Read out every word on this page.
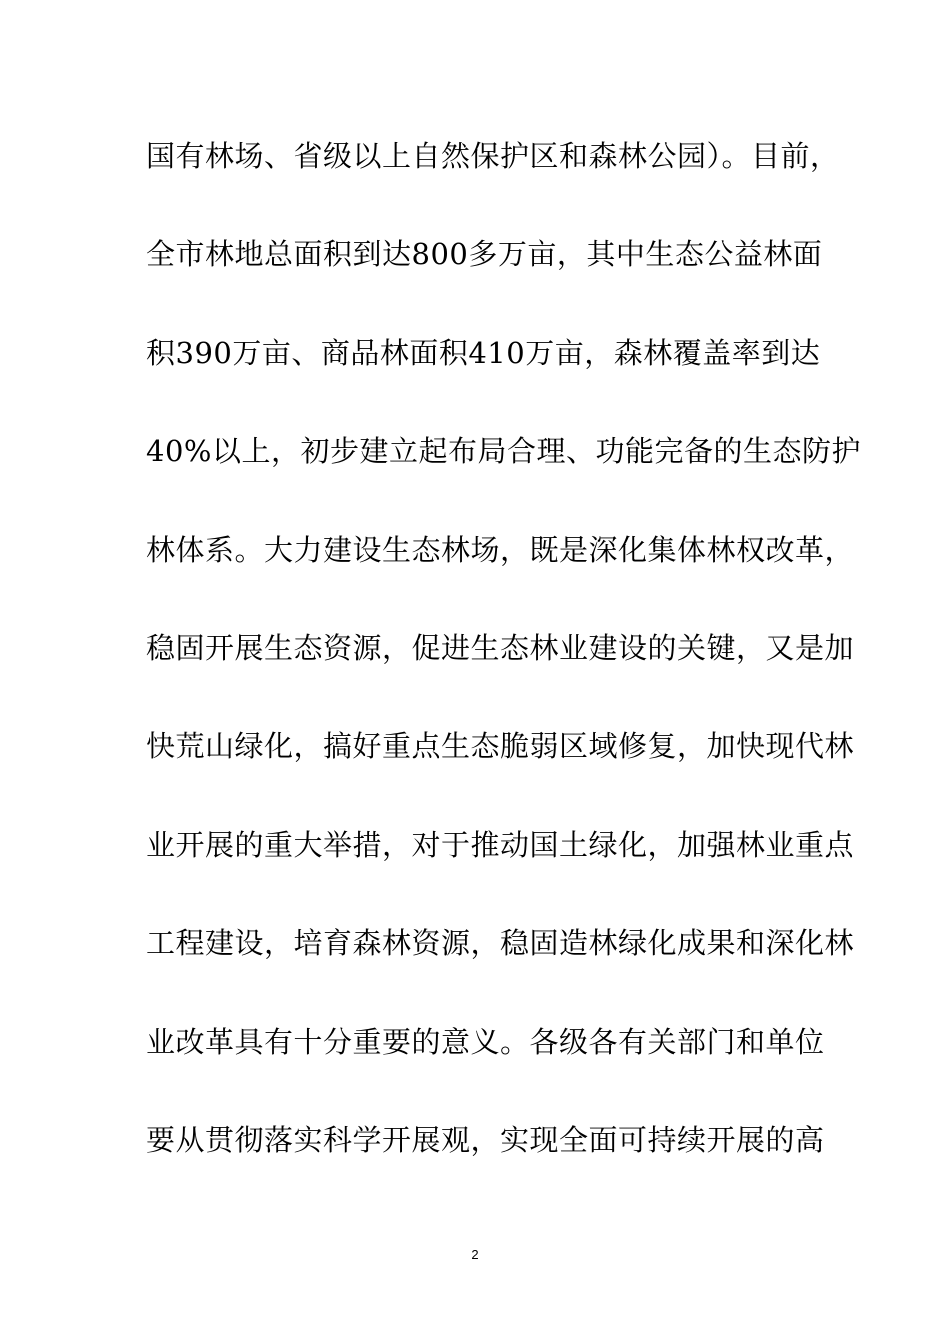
国有林场、省级以上自然保护区和森林公园）。目前，
全市林地总面积到达800多万亩，其中生态公益林面
积390万亩、商品林面积410万亩，森林覆盖率到达
40%以上，初步建立起布局合理、功能完备的生态防护
林体系。大力建设生态林场，既是深化集体林权改革，
稳固开展生态资源，促进生态林业建设的关键，又是加
快荒山绿化，搞好重点生态脆弱区域修复，加快现代林
业开展的重大举措，对于推动国土绿化，加强林业重点
工程建设，培育森林资源，稳固造林绿化成果和深化林
业改革具有十分重要的意义。各级各有关部门和单位
要从贯彻落实科学开展观，实现全面可持续开展的高
2
